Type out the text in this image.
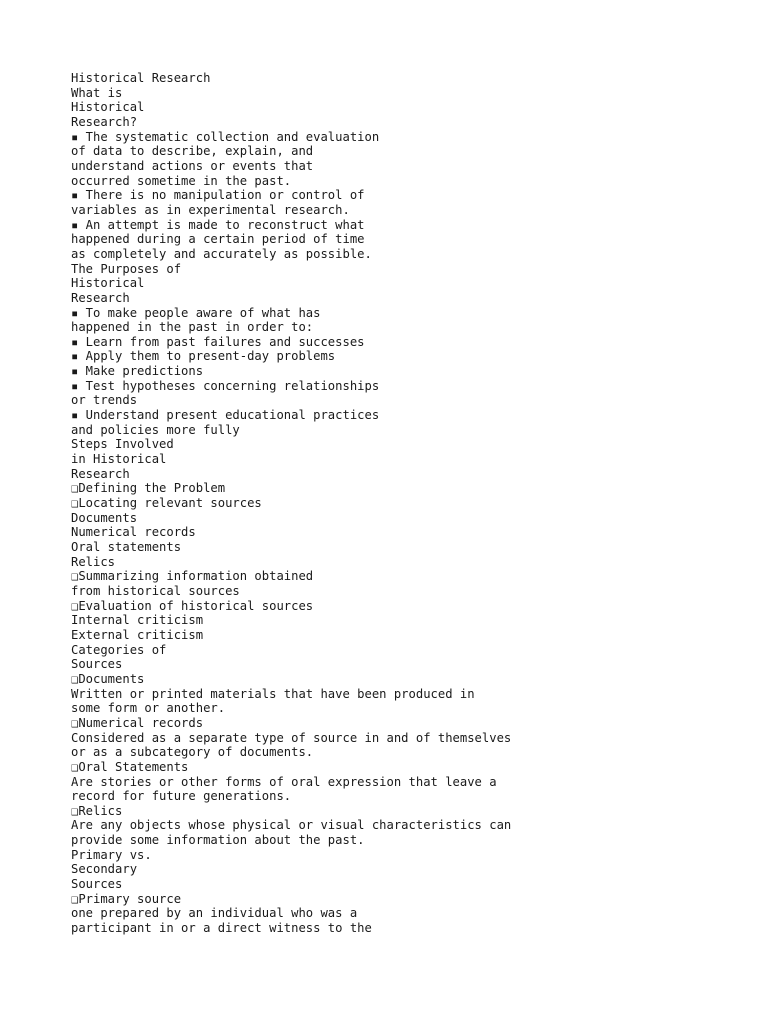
Historical Research
What is
Historical
Research?
▪ The systematic collection and evaluation
of data to describe, explain, and
understand actions or events that
occurred sometime in the past.
▪ There is no manipulation or control of
variables as in experimental research.
▪ An attempt is made to reconstruct what
happened during a certain period of time
as completely and accurately as possible.
The Purposes of
Historical
Research
▪ To make people aware of what has
happened in the past in order to:
▪ Learn from past failures and successes
▪ Apply them to present-day problems
▪ Make predictions
▪ Test hypotheses concerning relationships
or trends
▪ Understand present educational practices
and policies more fully
Steps Involved
in Historical
Research
❑Defining the Problem
❑Locating relevant sources
Documents
Numerical records
Oral statements
Relics
❑Summarizing information obtained
from historical sources
❑Evaluation of historical sources
Internal criticism
External criticism
Categories of
Sources
❑Documents
Written or printed materials that have been produced in
some form or another.
❑Numerical records
Considered as a separate type of source in and of themselves
or as a subcategory of documents.
❑Oral Statements
Are stories or other forms of oral expression that leave a
record for future generations.
❑Relics
Are any objects whose physical or visual characteristics can
provide some information about the past.
Primary vs.
Secondary
Sources
❑Primary source
one prepared by an individual who was a
participant in or a direct witness to the
